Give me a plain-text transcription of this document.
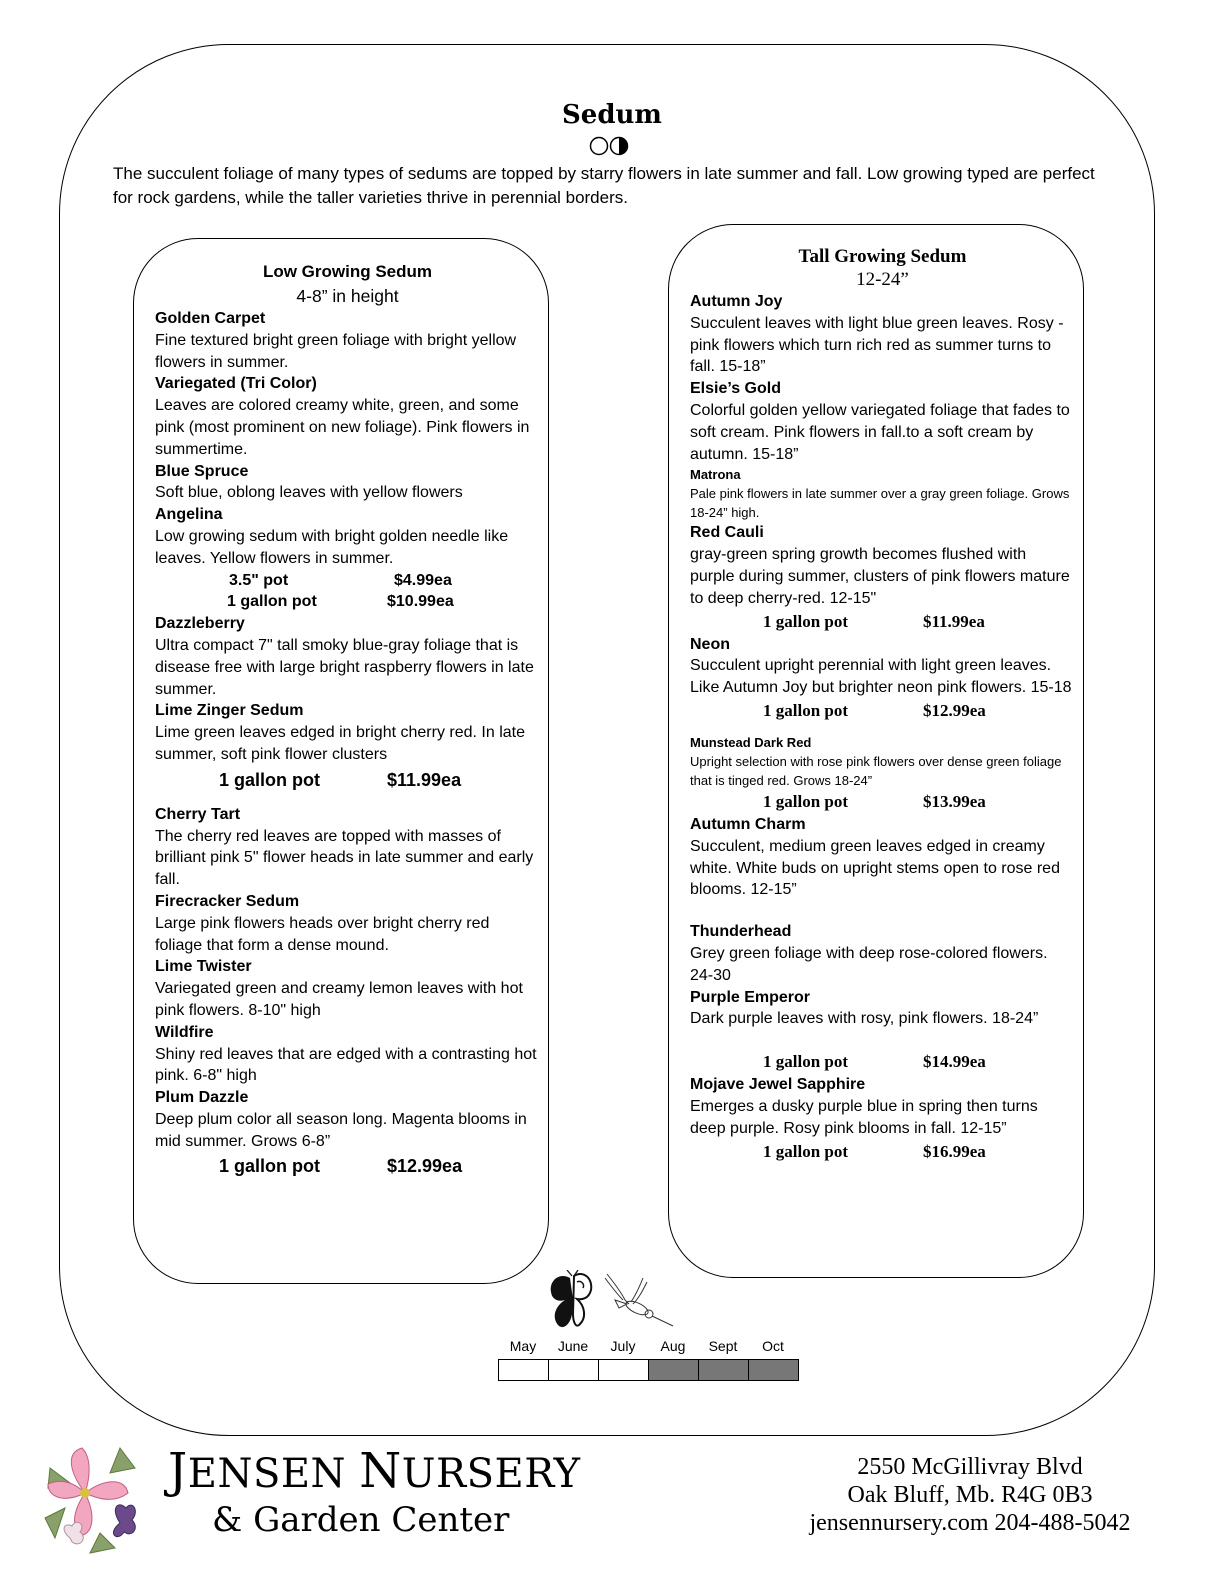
Sedum
The succulent foliage of many types of sedums are topped by starry flowers in late summer and fall. Low growing typed are perfect for rock gardens, while the taller varieties thrive in perennial borders.
Low Growing Sedum
4-8” in height
Golden Carpet
Fine textured bright green foliage with bright yellow flowers in summer.
Variegated (Tri Color)
Leaves are colored creamy white, green, and some pink (most prominent on new foliage). Pink flowers in summertime.
Blue Spruce
Soft blue, oblong leaves with yellow flowers
Angelina
Low growing sedum with bright golden needle like leaves. Yellow flowers in summer.
3.5" pot	$4.99ea
1 gallon pot	$10.99ea
Dazzleberry
Ultra compact 7" tall smoky blue-gray foliage that is disease free with large bright raspberry flowers in late summer.
Lime Zinger Sedum
Lime green leaves edged in bright cherry red. In late summer, soft pink flower clusters
1 gallon pot	$11.99ea
Cherry Tart
The cherry red leaves are topped with masses of brilliant pink 5" flower heads in late summer and early fall.
Firecracker Sedum
Large pink flowers heads over bright cherry red foliage that form a dense mound.
Lime Twister
Variegated green and creamy lemon leaves with hot pink flowers. 8-10" high
Wildfire
Shiny red leaves that are edged with a contrasting hot pink. 6-8" high
Plum Dazzle
Deep plum color all season long. Magenta blooms in mid summer. Grows 6-8”
1 gallon pot	$12.99ea
Tall Growing Sedum
12-24”
Autumn Joy
Succulent leaves with light blue green leaves. Rosy - pink flowers which turn rich red as summer turns to fall. 15-18”
Elsie’s Gold
Colorful golden yellow variegated foliage that fades to soft cream. Pink flowers in fall.to a soft cream by autumn. 15-18”
Matrona
Pale pink flowers in late summer over a gray green foliage. Grows 18-24” high.
Red Cauli
gray-green spring growth becomes flushed with purple during summer, clusters of pink flowers mature to deep cherry-red. 12-15"
1 gallon pot	$11.99ea
Neon
Succulent upright perennial with light green leaves. Like Autumn Joy but brighter neon pink flowers. 15-18
1 gallon pot	$12.99ea
Munstead Dark Red
Upright selection with rose pink flowers over dense green foliage that is tinged red. Grows 18-24”
1 gallon pot	$13.99ea
Autumn Charm
Succulent, medium green leaves edged in creamy white. White buds on upright stems open to rose red blooms. 12-15”
Thunderhead
Grey green foliage with deep rose-colored flowers. 24-30
Purple Emperor
Dark purple leaves with rosy, pink flowers. 18-24”
1 gallon pot	$14.99ea
Mojave Jewel Sapphire
Emerges a dusky purple blue in spring then turns deep purple. Rosy pink blooms in fall. 12-15”
1 gallon pot	$16.99ea
May	June	July	Aug	Sept	Oct
JENSEN NURSERY
& Garden Center
2550 McGillivray Blvd
Oak Bluff, Mb. R4G 0B3
jensennursery.com 204-488-5042
